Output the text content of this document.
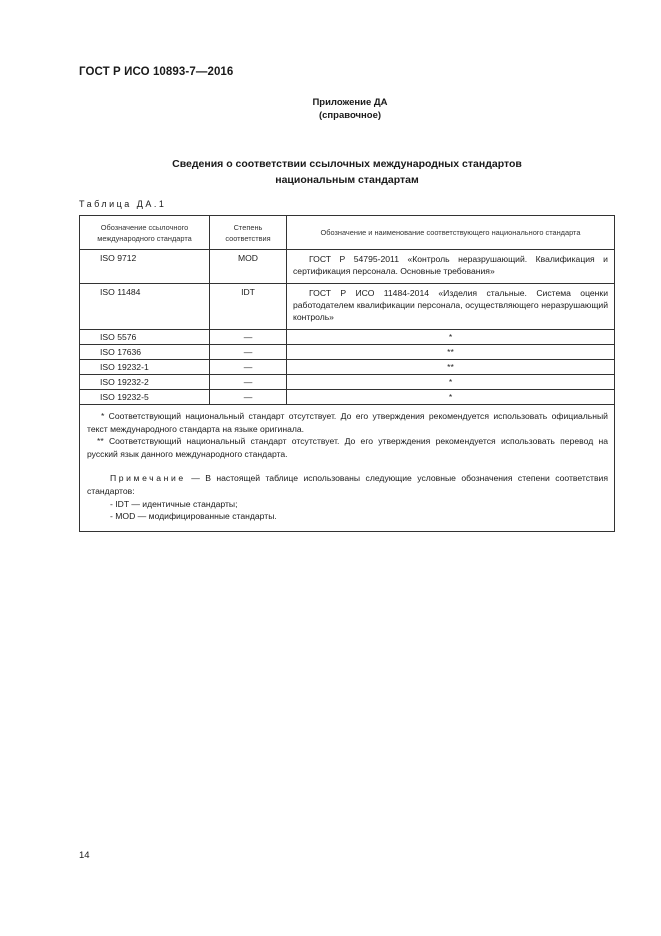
ГОСТ Р ИСО 10893-7—2016
Приложение ДА
(справочное)
Сведения о соответствии ссылочных международных стандартов
национальным стандартам
Таблица ДА.1
Обозначение ссылочного международного стандарта	Степень соответствия	Обозначение и наименование соответствующего национального стандарта
ISO 9712	MOD	ГОСТ Р 54795-2011 «Контроль неразрушающий. Квалификация и сертификация персонала. Основные требования»
ISO 11484	IDT	ГОСТ Р ИСО 11484-2014 «Изделия стальные. Система оценки работодателем квалификации персонала, осуществляющего неразрушающий контроль»
ISO 5576	—	*
ISO 17636	—	**
ISO 19232-1	—	**
ISO 19232-2	—	*
ISO 19232-5	—	*

* Соответствующий национальный стандарт отсутствует. До его утверждения рекомендуется использовать официальный текст международного стандарта на языке оригинала.

** Соответствующий национальный стандарт отсутствует. До его утверждения рекомендуется использовать перевод на русский язык данного международного стандарта.

Примечание — В настоящей таблице использованы следующие условные обозначения степени соответствия стандартов:

- IDT — идентичные стандарты;

- MOD — модифицированные стандарты.		

14
